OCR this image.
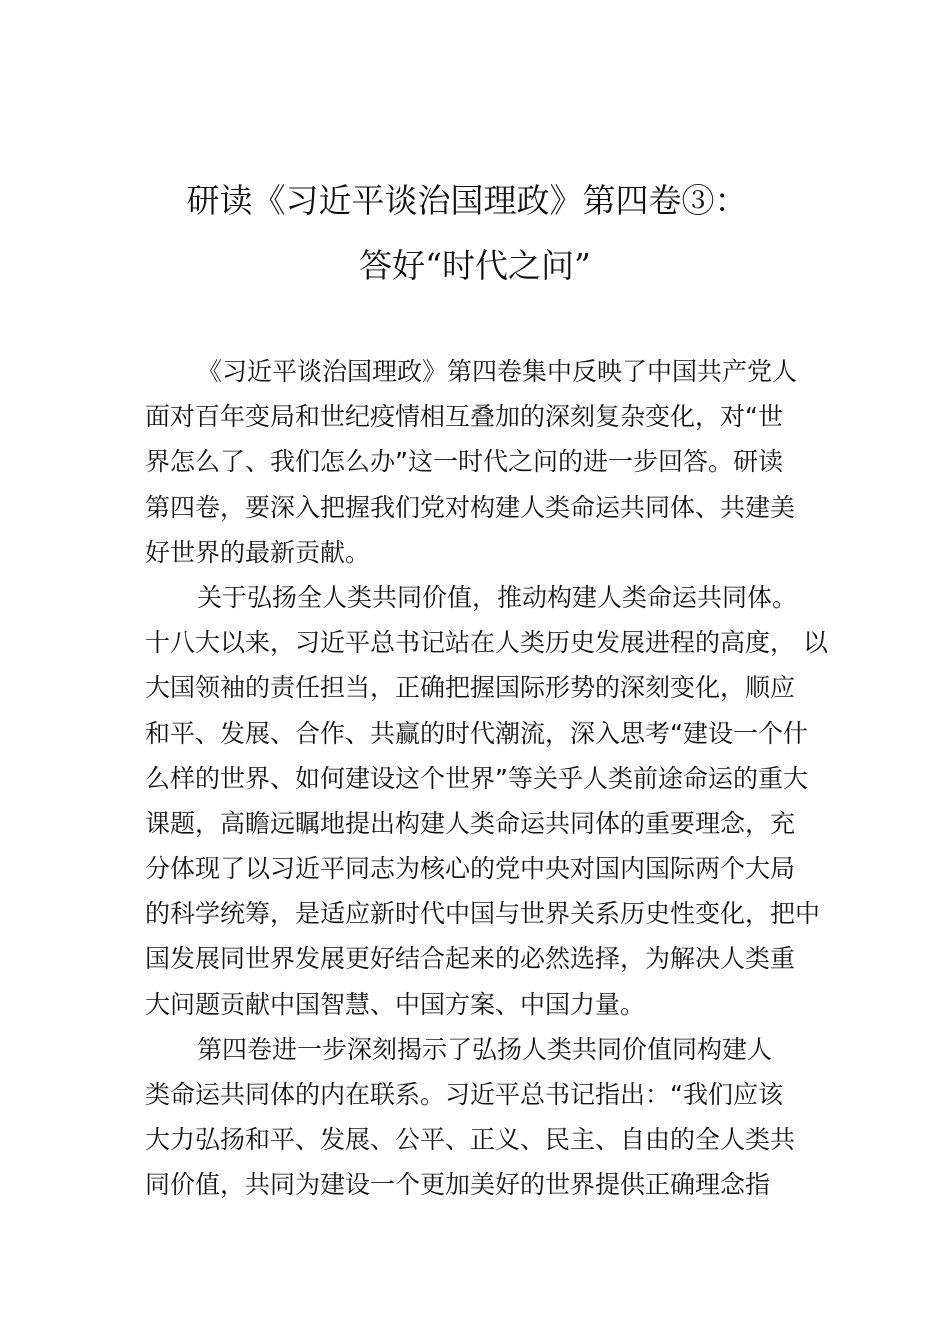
研读《习近平谈治国理政》第四卷③：
答好“时代之问”
《习近平谈治国理政》第四卷集中反映了中国共产党人
面对百年变局和世纪疫情相互叠加的深刻复杂变化，对“世
界怎么了、我们怎么办”这一时代之问的进一步回答。研读
第四卷，要深入把握我们党对构建人类命运共同体、共建美
好世界的最新贡献。
关于弘扬全人类共同价值，推动构建人类命运共同体。
十八大以来，习近平总书记站在人类历史发展进程的高度， 以
大国领袖的责任担当，正确把握国际形势的深刻变化，顺应
和平、发展、合作、共赢的时代潮流，深入思考“建设一个什
么样的世界、如何建设这个世界”等关乎人类前途命运的重大
课题，高瞻远瞩地提出构建人类命运共同体的重要理念，充
分体现了以习近平同志为核心的党中央对国内国际两个大局
的科学统筹，是适应新时代中国与世界关系历史性变化，把中
国发展同世界发展更好结合起来的必然选择，为解决人类重
大问题贡献中国智慧、中国方案、中国力量。
第四卷进一步深刻揭示了弘扬人类共同价值同构建人
类命运共同体的内在联系。习近平总书记指出：“我们应该
大力弘扬和平、发展、公平、正义、民主、自由的全人类共
同价值，共同为建设一个更加美好的世界提供正确理念指
